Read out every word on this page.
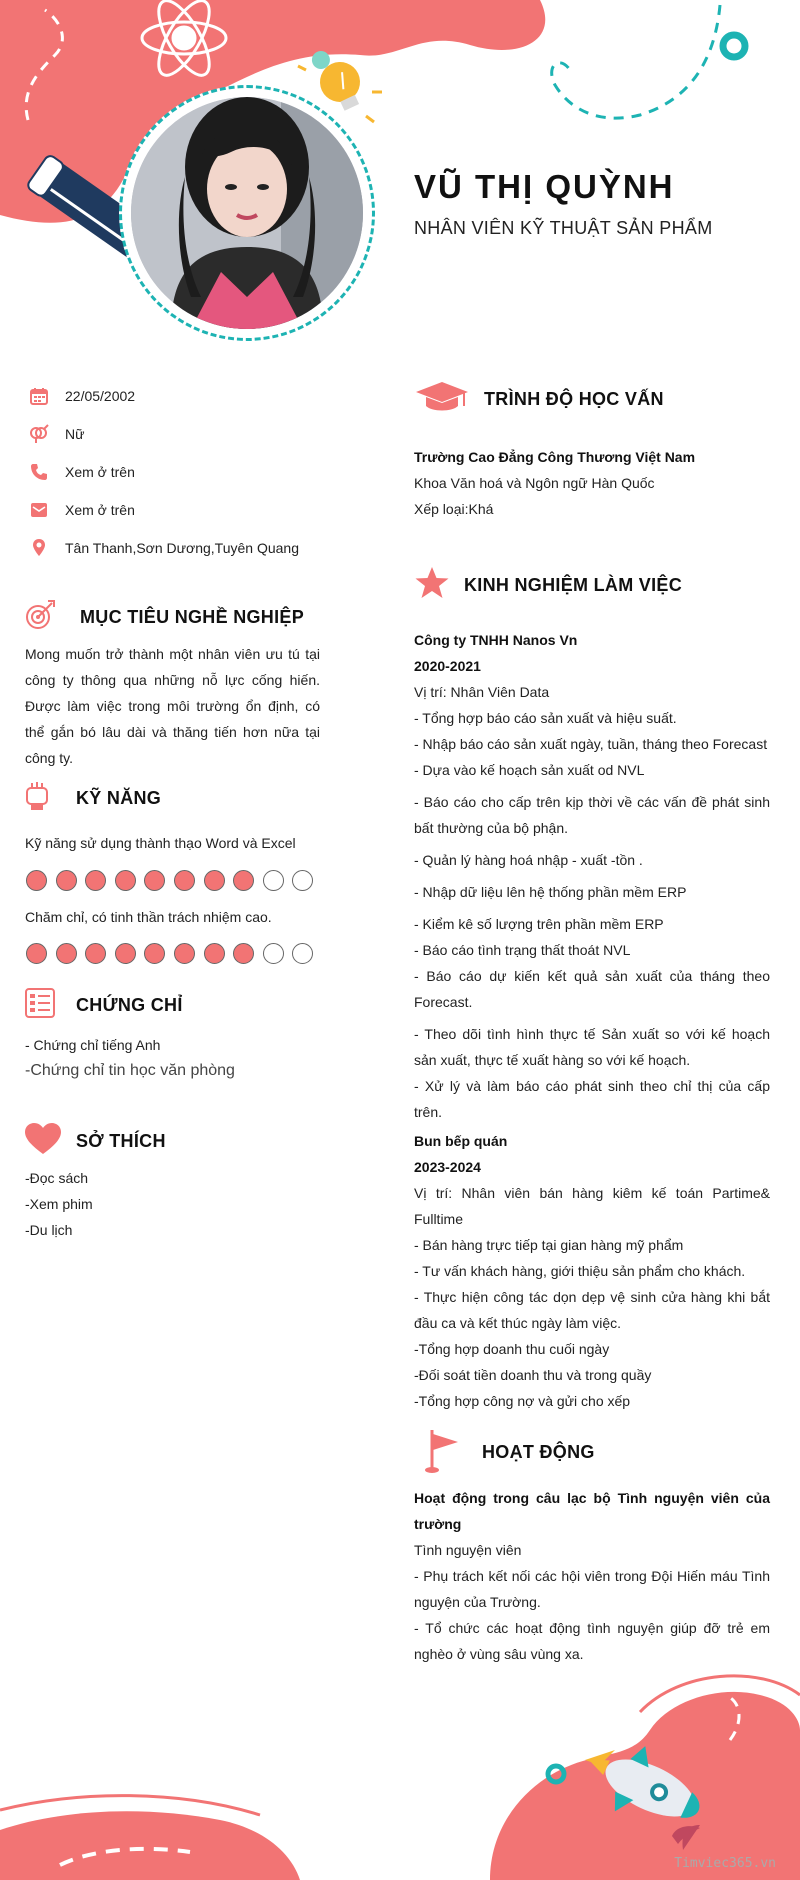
VŨ THỊ QUỲNH
NHÂN VIÊN KỸ THUẬT SẢN PHẨM
22/05/2002
Nữ
Xem ở trên
Xem ở trên
Tân Thanh,Sơn Dương,Tuyên Quang
MỤC TIÊU NGHỀ NGHIỆP
Mong muốn trở thành một nhân viên ưu tú tại công ty thông qua những nỗ lực cống hiến. Được làm việc trong môi trường ổn định, có thể gắn bó lâu dài và thăng tiến hơn nữa tại công ty.
KỸ NĂNG
Kỹ năng sử dụng thành thạo Word và Excel
Chăm chỉ, có tinh thần trách nhiệm cao.
CHỨNG CHỈ
- Chứng chỉ tiếng Anh
-Chứng chỉ tin học văn phòng
SỞ THÍCH
-Đọc sách
-Xem phim
-Du lịch
TRÌNH ĐỘ HỌC VẤN

Trường Cao Đẳng Công Thương Việt Nam

Khoa Văn hoá và Ngôn ngữ Hàn Quốc

Xếp loại:Khá

KINH NGHIỆM LÀM VIỆC

Công ty TNHH Nanos Vn

2020-2021

Vị trí: Nhân Viên Data

- Tổng hợp báo cáo sản xuất và hiệu suất.

- Nhập báo cáo sản xuất ngày, tuần, tháng theo Forecast

- Dựa vào kế hoạch sản xuất od NVL

- Báo cáo cho cấp trên kịp thời về các vấn đề phát sinh bất thường của bộ phận.

- Quản lý hàng hoá nhập - xuất -tồn .

- Nhập dữ liệu lên hệ thống phần mềm ERP

- Kiểm kê số lượng trên phần mềm ERP

- Báo cáo tình trạng thất thoát NVL

- Báo cáo dự kiến kết quả sản xuất của tháng theo Forecast.

- Theo dõi tình hình thực tế Sản xuất so với kế hoạch sản xuất, thực tế xuất hàng so với kế hoạch.

- Xử lý và làm báo cáo phát sinh theo chỉ thị của cấp trên.

Bun bếp quán

2023-2024

Vị trí: Nhân viên bán hàng kiêm kế toán Partime& Fulltime

- Bán hàng trực tiếp tại gian hàng mỹ phẩm

- Tư vấn khách hàng, giới thiệu sản phẩm cho khách.

- Thực hiện công tác dọn dẹp vệ sinh cửa hàng khi bắt đầu ca và kết thúc ngày làm việc.

-Tổng hợp doanh thu cuối ngày

-Đối soát tiền doanh thu và trong quầy

-Tổng hợp công nợ và gửi cho xếp

HOẠT ĐỘNG

Hoạt động trong câu lạc bộ Tình nguyện viên của trường

Tình nguyện viên

- Phụ trách kết nối các hội viên trong Đội Hiến máu Tình nguyện của Trường.

- Tổ chức các hoạt động tình nguyện giúp đỡ trẻ em nghèo ở vùng sâu vùng xa.

Timviec365.vn
